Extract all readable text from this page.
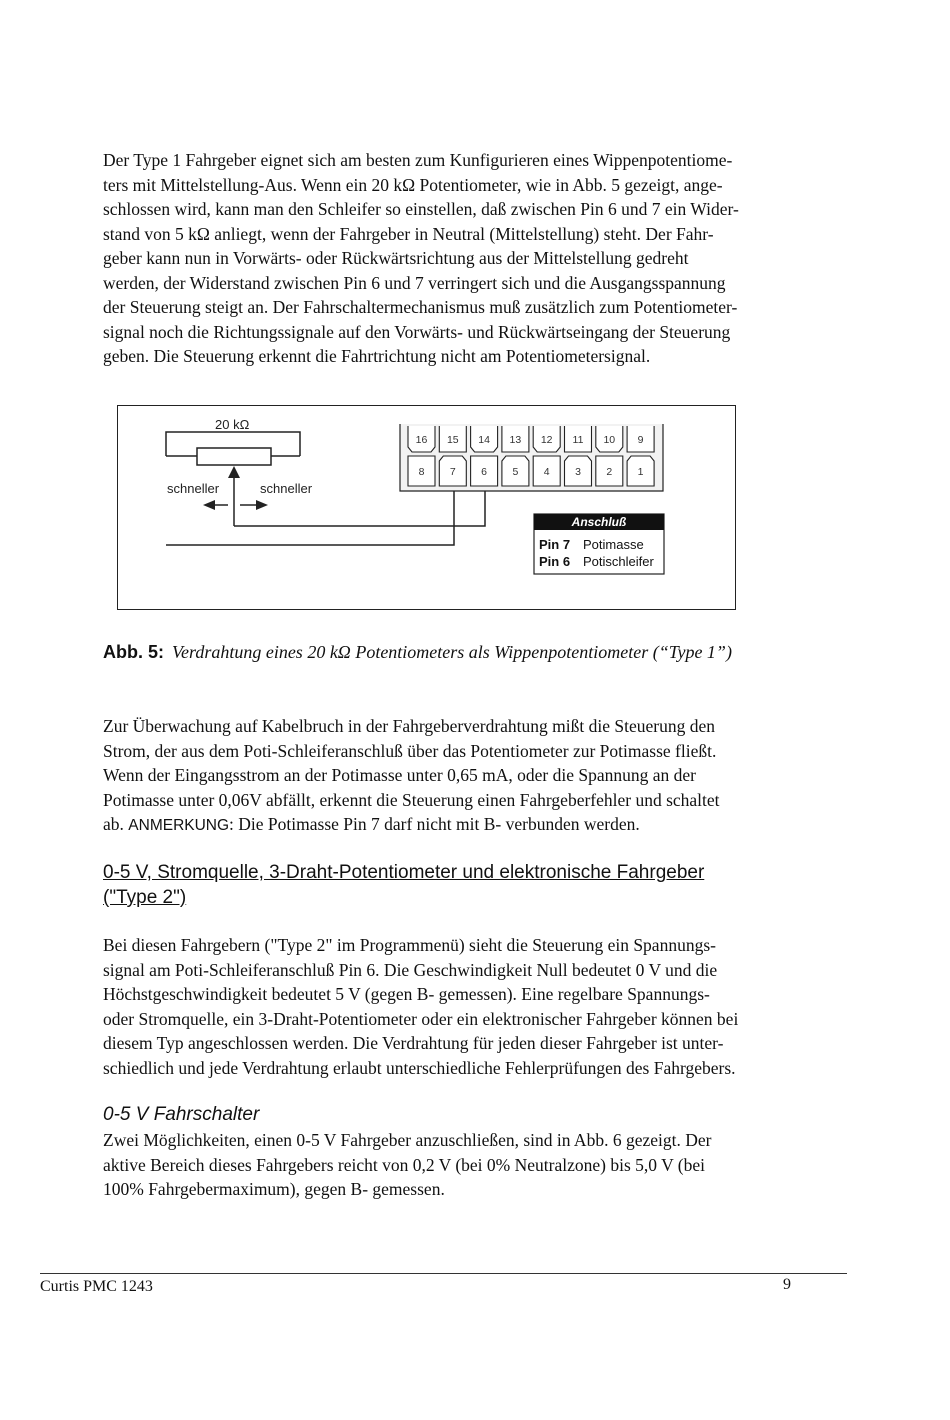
Der Type 1 Fahrgeber eignet sich am besten zum Kunfigurieren eines Wippenpotentiome-
ters mit Mittelstellung-Aus. Wenn ein 20 kΩ Potentiometer, wie in Abb. 5 gezeigt, ange-
schlossen wird, kann man den Schleifer so einstellen, daß zwischen Pin 6 und 7 ein Wider-
stand von 5 kΩ anliegt, wenn der Fahrgeber in Neutral (Mittelstellung) steht. Der Fahr-
geber kann nun in Vorwärts- oder Rückwärtsrichtung aus der Mittelstellung gedreht
werden, der Widerstand zwischen Pin 6 und 7 verringert sich und die Ausgangsspannung
der Steuerung steigt an. Der Fahrschaltermechanismus muß zusätzlich zum Potentiometer-
signal noch die Richtungssignale auf den Vorwärts- und Rückwärtseingang der Steuerung
geben. Die Steuerung erkennt die Fahrtrichtung nicht am Potentiometersignal.
20 kΩ
schneller	schneller
16 15 14 13 12 11 10 9
8 7 6 5 4 3 2 1
Anschluß
Pin 7 Potimasse
Pin 6 Potischleifer
Abb. 5: Verdrahtung eines 20 kΩ Potentiometers als Wippenpotentiometer (“Type 1”)
Zur Überwachung auf Kabelbruch in der Fahrgeberverdrahtung mißt die Steuerung den
Strom, der aus dem Poti-Schleiferanschluß über das Potentiometer zur Potimasse fließt.
Wenn der Eingangsstrom an der Potimasse unter 0,65 mA, oder die Spannung an der
Potimasse unter 0,06V abfällt, erkennt die Steuerung einen Fahrgeberfehler und schaltet
ab. ANMERKUNG: Die Potimasse Pin 7 darf nicht mit B- verbunden werden.
0-5 V, Stromquelle, 3-Draht-Potentiometer und elektronische Fahrgeber
("Type 2")
Bei diesen Fahrgebern ("Type 2" im Programmenü) sieht die Steuerung ein Spannungs-
signal am Poti-Schleiferanschluß Pin 6. Die Geschwindigkeit Null bedeutet 0 V und die
Höchstgeschwindigkeit bedeutet 5 V (gegen B- gemessen). Eine regelbare Spannungs-
oder Stromquelle, ein 3-Draht-Potentiometer oder ein elektronischer Fahrgeber können bei
diesem Typ angeschlossen werden. Die Verdrahtung für jeden dieser Fahrgeber ist unter-
schiedlich und jede Verdrahtung erlaubt unterschiedliche Fehlerprüfungen des Fahrgebers.
0-5 V Fahrschalter
Zwei Möglichkeiten, einen 0-5 V Fahrgeber anzuschließen, sind in Abb. 6 gezeigt. Der
aktive Bereich dieses Fahrgebers reicht von 0,2 V (bei 0% Neutralzone) bis 5,0 V (bei
100% Fahrgebermaximum), gegen B- gemessen.
Curtis PMC 1243	9
